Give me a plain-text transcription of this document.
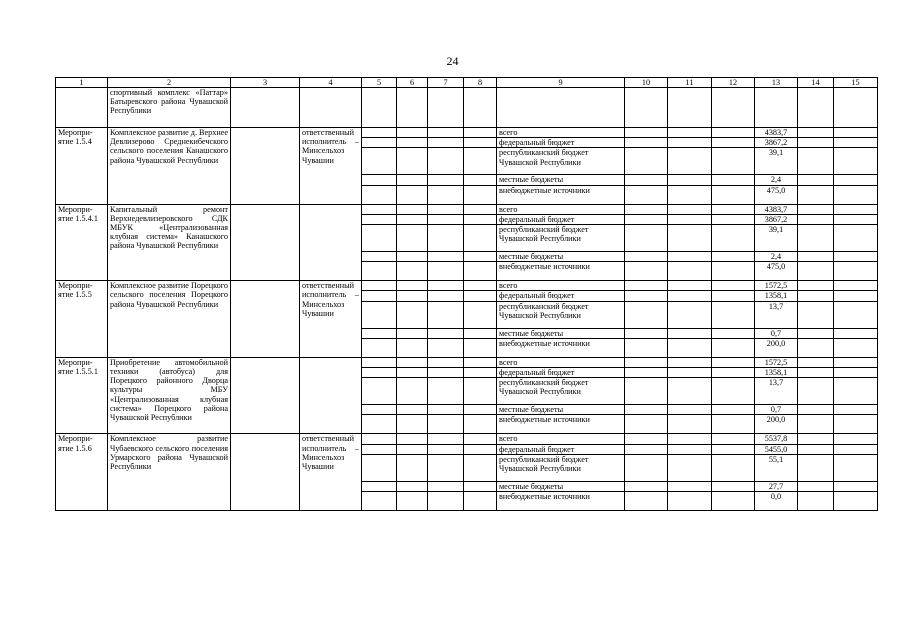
24
1	2	3	4	5	6	7	8	9	10	11	12	13	14	15
	спортивный комплекс «Паттар» Батыревского района Чувашской Республики													
Меропри-ятие 1.5.4	Комплексное развитие д. Верхнее Девлизерово Среднекибечского сельского поселения Канашского района Чувашской Республики		ответственный исполнитель – Минсельхоз Чувашии					всего				4383,7		
								федеральный бюджет				3867,2		
								республиканский бюджет Чувашской Республики				39,1		
								местные бюджеты				2,4		
								внебюджетные источники				475,0		
Меропри-ятие 1.5.4.1	Капитальный ремонт Верхнедевлизеровского СДК МБУК «Централизованная клубная система» Канашского района Чувашской Республики							всего				4383,7		
								федеральный бюджет				3867,2		
								республиканский бюджет Чувашской Республики				39,1		
								местные бюджеты				2,4		
								внебюджетные источники				475,0		
Меропри-ятие 1.5.5	Комплексное развитие Порецкого сельского поселения Порецкого района Чувашской Республики		ответственный исполнитель – Минсельхоз Чувашии					всего				1572,5		
								федеральный бюджет				1358,1		
								республиканский бюджет Чувашской Республики				13,7		
								местные бюджеты				0,7		
								внебюджетные источники				200,0		
Меропри-ятие 1.5.5.1	Приобретение автомобильной техники (автобуса) для Порецкого районного Дворца культуры МБУ «Централизованная клубная система» Порецкого района Чувашской Республики							всего				1572,5		
								федеральный бюджет				1358,1		
								республиканский бюджет Чувашской Республики				13,7		
								местные бюджеты				0,7		
								внебюджетные источники				200,0		
Меропри-ятие 1.5.6	Комплексное развитие Чубаевского сельского поселения Урмарского района Чувашской Республики		ответственный исполнитель – Минсельхоз Чувашии					всего				5537,8		
								федеральный бюджет				5455,0		
								республиканский бюджет Чувашской Республики				55,1		
								местные бюджеты				27,7		
								внебюджетные источники				0,0		
